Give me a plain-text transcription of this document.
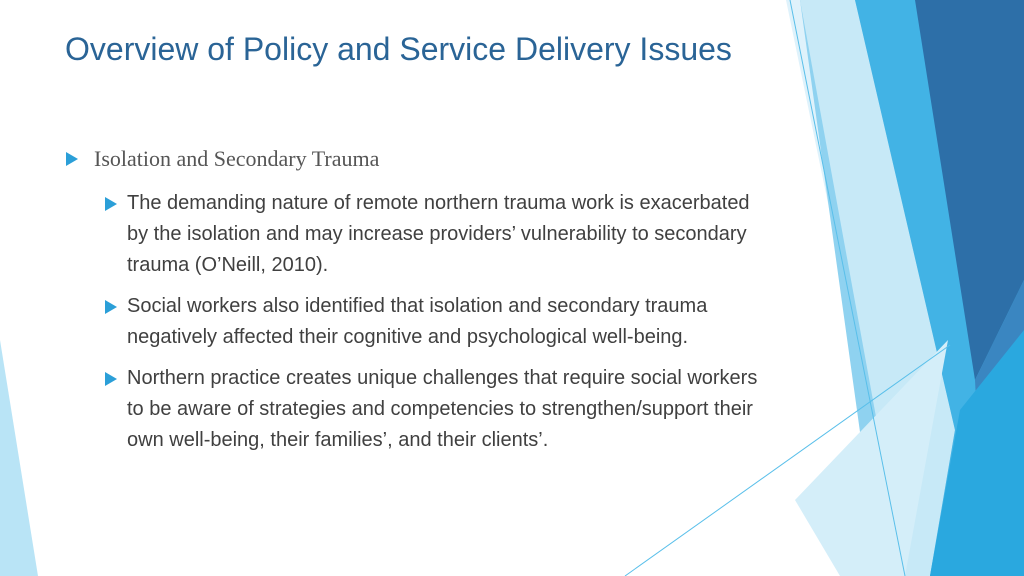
Overview of Policy and Service Delivery Issues
Isolation and Secondary Trauma
The demanding nature of remote northern trauma work is exacerbated by the isolation and may increase providers’ vulnerability to secondary trauma (O’Neill, 2010).
Social workers also identified that isolation and secondary trauma negatively affected their cognitive and psychological well-being.
Northern practice creates unique challenges that require social workers to be aware of strategies and competencies to strengthen/support their own well-being, their families’, and their clients’.
